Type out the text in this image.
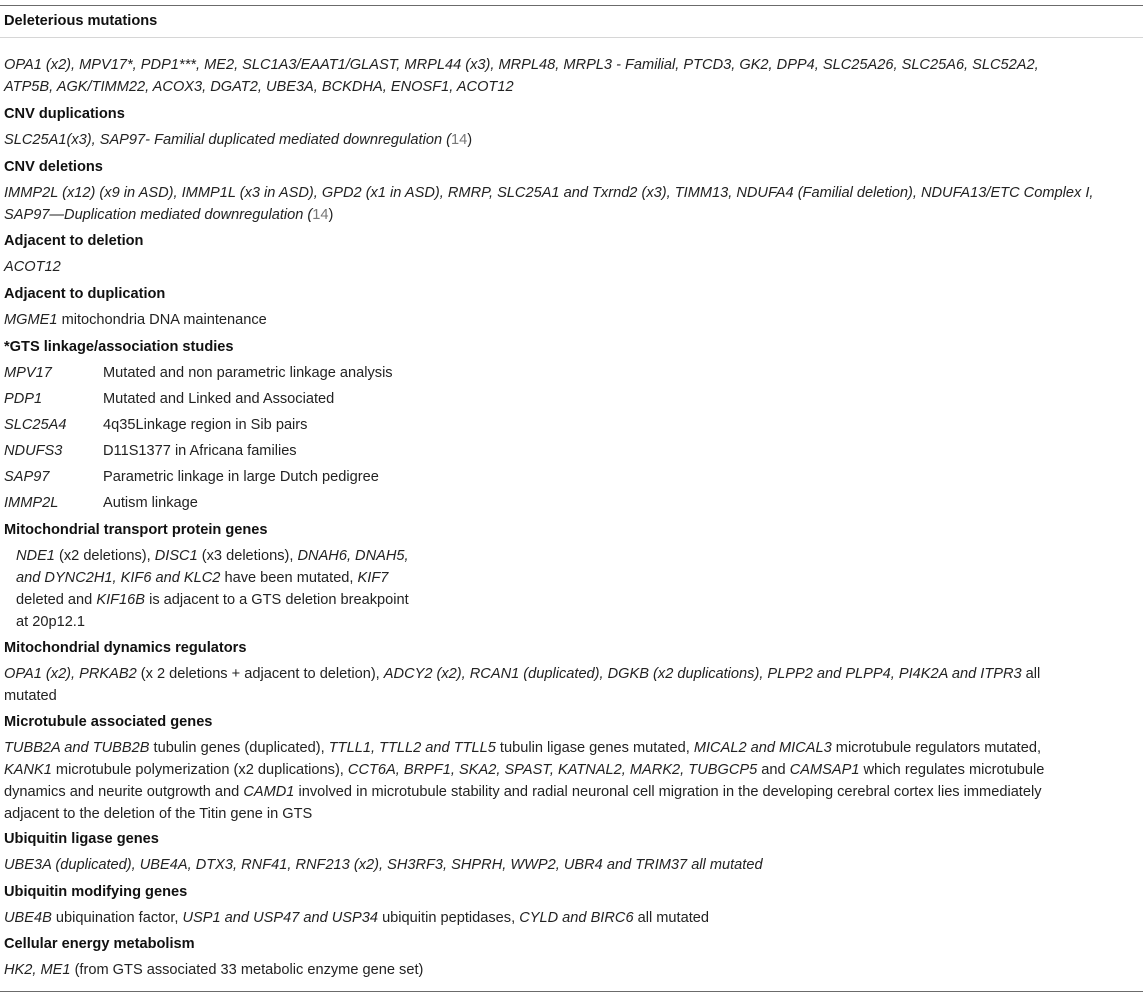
Deleterious mutations
OPA1 (x2), MPV17*, PDP1***, ME2, SLC1A3/EAAT1/GLAST, MRPL44 (x3), MRPL48, MRPL3 - Familial, PTCD3, GK2, DPP4, SLC25A26, SLC25A6, SLC52A2,
ATP5B, AGK/TIMM22, ACOX3, DGAT2, UBE3A, BCKDHA, ENOSF1, ACOT12
CNV duplications
SLC25A1(x3), SAP97- Familial duplicated mediated downregulation (14)
CNV deletions
IMMP2L (x12) (x9 in ASD), IMMP1L (x3 in ASD), GPD2 (x1 in ASD), RMRP, SLC25A1 and Txrnd2 (x3), TIMM13, NDUFA4 (Familial deletion), NDUFA13/ETC Complex I,
SAP97—Duplication mediated downregulation (14)
Adjacent to deletion
ACOT12
Adjacent to duplication
MGME1 mitochondria DNA maintenance
*GTS linkage/association studies
MPV17	Mutated and non parametric linkage analysis
PDP1	Mutated and Linked and Associated
SLC25A4	4q35Linkage region in Sib pairs
NDUFS3	D11S1377 in Africana families
SAP97	Parametric linkage in large Dutch pedigree
IMMP2L	Autism linkage
Mitochondrial transport protein genes
NDE1 (x2 deletions), DISC1 (x3 deletions), DNAH6, DNAH5,
and DYNC2H1, KIF6 and KLC2 have been mutated, KIF7
deleted and KIF16B is adjacent to a GTS deletion breakpoint
at 20p12.1
Mitochondrial dynamics regulators
OPA1 (x2), PRKAB2 (x 2 deletions + adjacent to deletion), ADCY2 (x2), RCAN1 (duplicated), DGKB (x2 duplications), PLPP2 and PLPP4, PI4K2A and ITPR3 all
mutated
Microtubule associated genes
TUBB2A and TUBB2B tubulin genes (duplicated), TTLL1, TTLL2 and TTLL5 tubulin ligase genes mutated, MICAL2 and MICAL3 microtubule regulators mutated,
KANK1 microtubule polymerization (x2 duplications), CCT6A, BRPF1, SKA2, SPAST, KATNAL2, MARK2, TUBGCP5 and CAMSAP1 which regulates microtubule
dynamics and neurite outgrowth and CAMD1 involved in microtubule stability and radial neuronal cell migration in the developing cerebral cortex lies immediately
adjacent to the deletion of the Titin gene in GTS
Ubiquitin ligase genes
UBE3A (duplicated), UBE4A, DTX3, RNF41, RNF213 (x2), SH3RF3, SHPRH, WWP2, UBR4 and TRIM37 all mutated
Ubiquitin modifying genes
UBE4B ubiquination factor, USP1 and USP47 and USP34 ubiquitin peptidases, CYLD and BIRC6 all mutated
Cellular energy metabolism
HK2, ME1 (from GTS associated 33 metabolic enzyme gene set)
